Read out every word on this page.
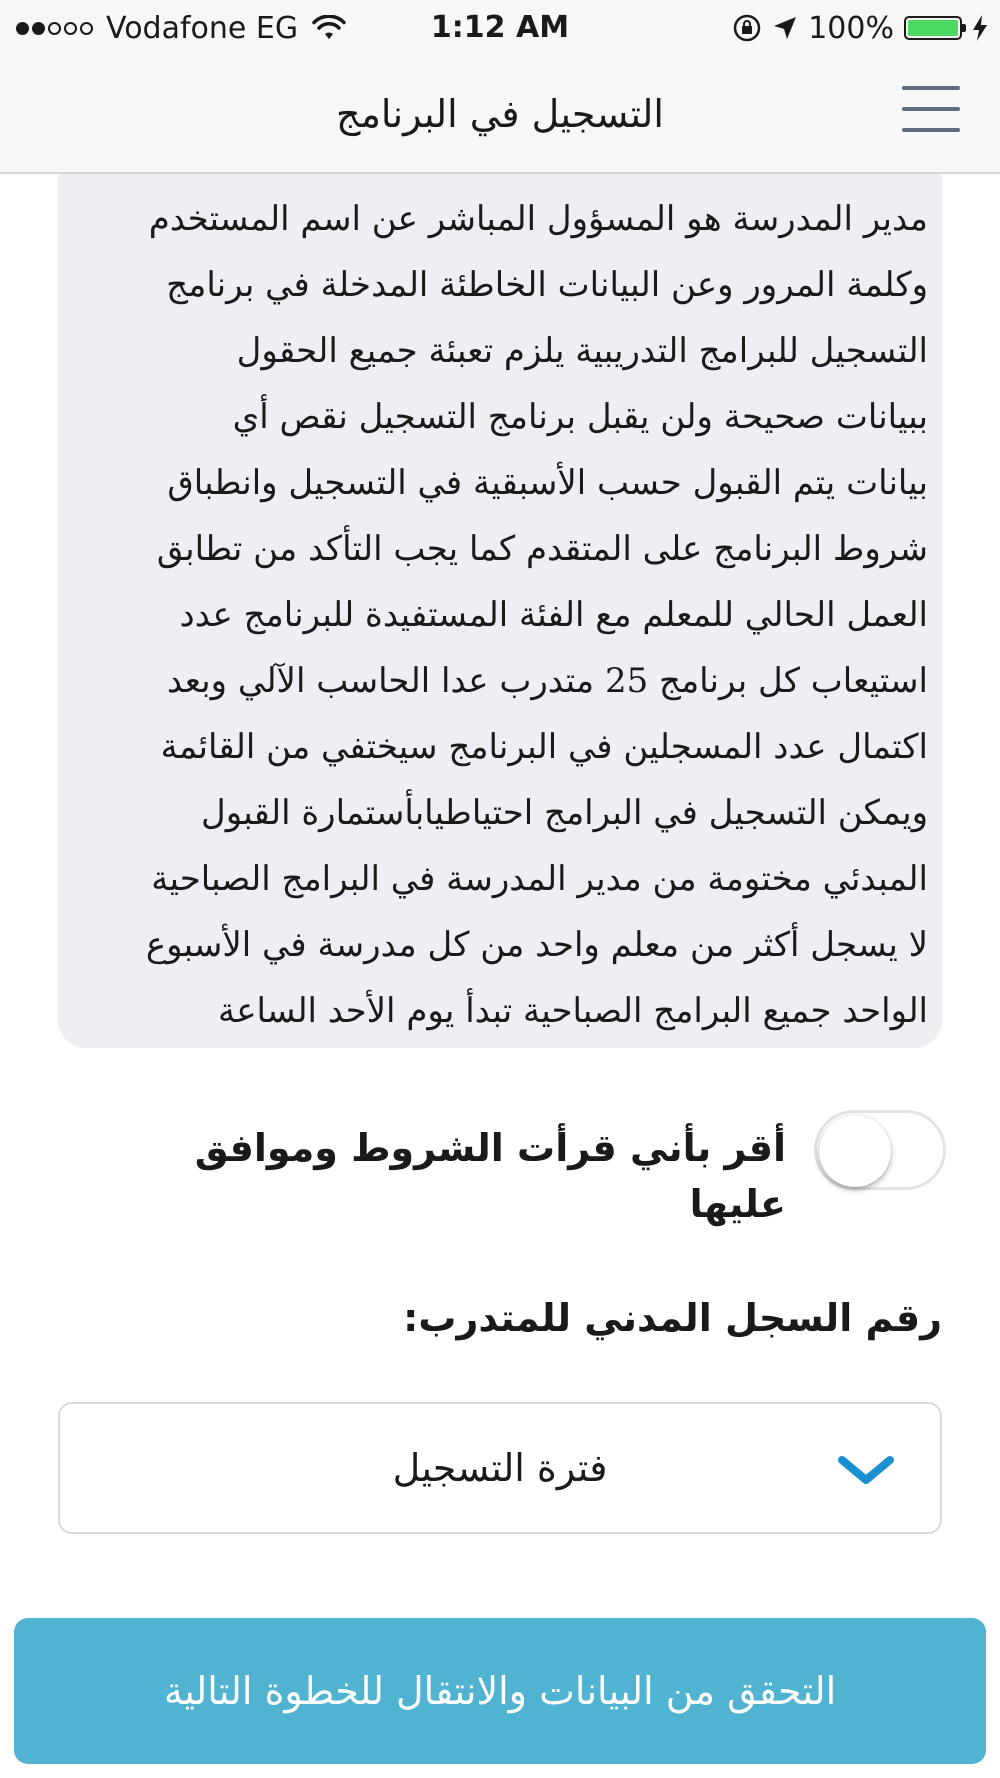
Vodafone EG	1:12 AM	100%
التسجيل في البرنامج

مدير المدرسة هو المسؤول المباشر عن اسم المستخدم
وكلمة المرور وعن البيانات الخاطئة المدخلة في برنامج
التسجيل للبرامج التدريبية يلزم تعبئة جميع الحقول
ببيانات صحيحة ولن يقبل برنامج التسجيل نقص أي
بيانات يتم القبول حسب الأسبقية في التسجيل وانطباق
شروط البرنامج على المتقدم كما يجب التأكد من تطابق
العمل الحالي للمعلم مع الفئة المستفيدة للبرنامج عدد
استيعاب كل برنامج 25 متدرب عدا الحاسب الآلي وبعد
اكتمال عدد المسجلين في البرنامج سيختفي من القائمة
ويمكن التسجيل في البرامج احتياطيابأستمارة القبول
المبدئي مختومة من مدير المدرسة في البرامج الصباحية
لا يسجل أكثر من معلم واحد من كل مدرسة في الأسبوع
الواحد جميع البرامج الصباحية تبدأ يوم الأحد الساعة

أقر بأني قرأت الشروط وموافق عليها
رقم السجل المدني للمتدرب:
فترة التسجيل
التحقق من البيانات والانتقال للخطوة التالية
